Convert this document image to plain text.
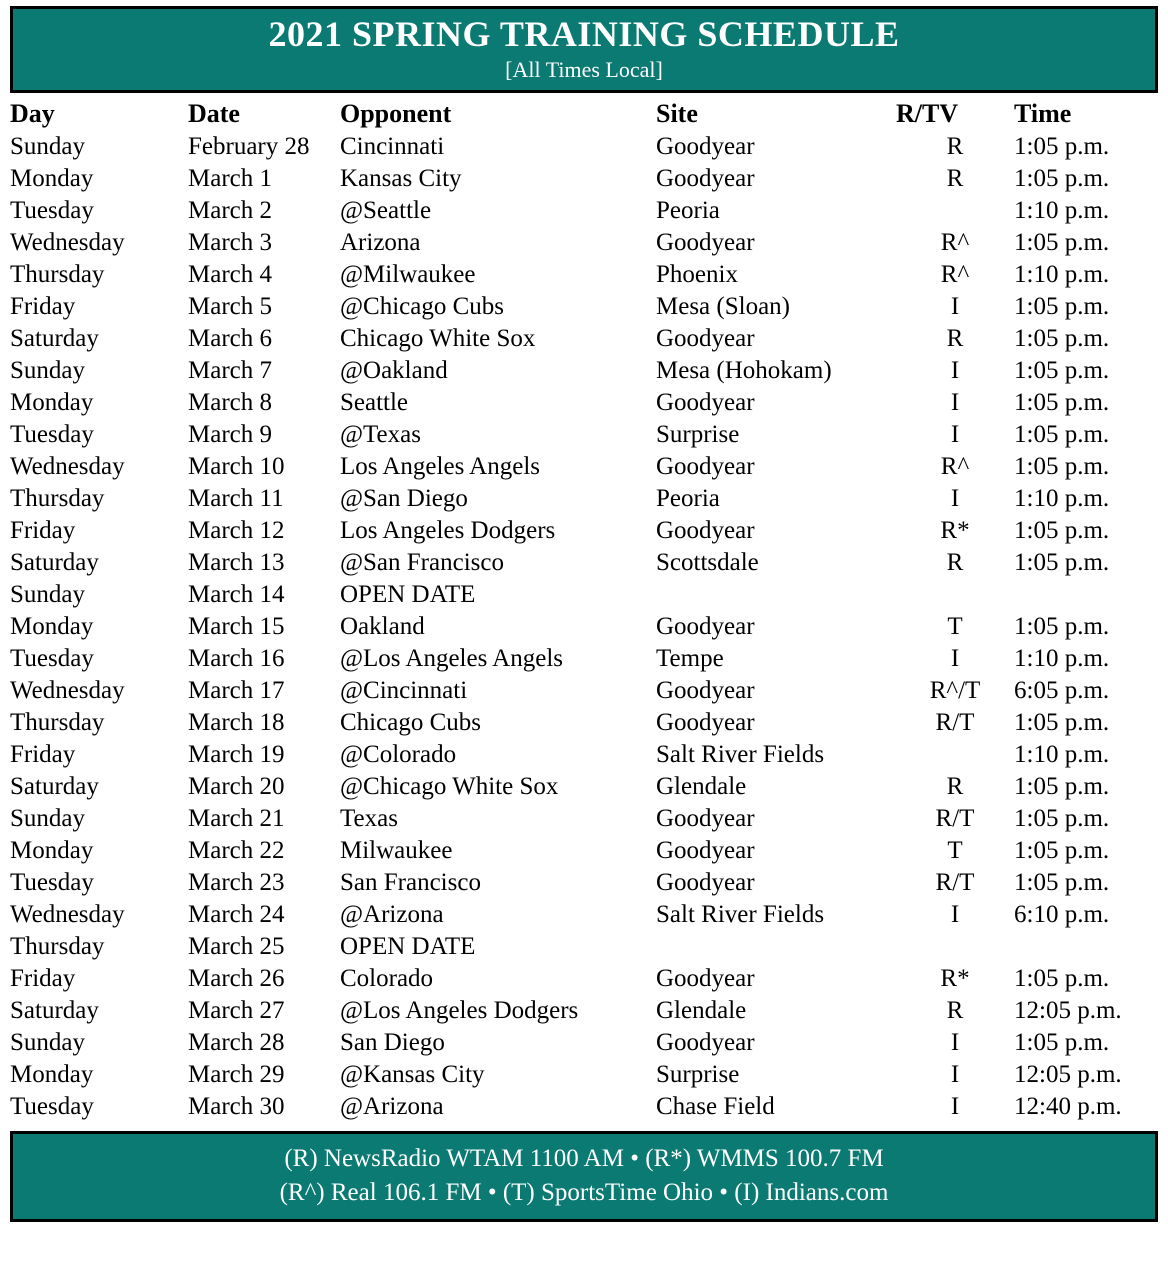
2021 SPRING TRAINING SCHEDULE
[All Times Local]
Day	Date	Opponent	Site	R/TV	Time
Sunday	February 28	Cincinnati	Goodyear	R	1:05 p.m.
Monday	March 1	Kansas City	Goodyear	R	1:05 p.m.
Tuesday	March 2	@Seattle	Peoria		1:10 p.m.
Wednesday	March 3	Arizona	Goodyear	R^	1:05 p.m.
Thursday	March 4	@Milwaukee	Phoenix	R^	1:10 p.m.
Friday	March 5	@Chicago Cubs	Mesa (Sloan)	I	1:05 p.m.
Saturday	March 6	Chicago White Sox	Goodyear	R	1:05 p.m.
Sunday	March 7	@Oakland	Mesa (Hohokam)	I	1:05 p.m.
Monday	March 8	Seattle	Goodyear	I	1:05 p.m.
Tuesday	March 9	@Texas	Surprise	I	1:05 p.m.
Wednesday	March 10	Los Angeles Angels	Goodyear	R^	1:05 p.m.
Thursday	March 11	@San Diego	Peoria	I	1:10 p.m.
Friday	March 12	Los Angeles Dodgers	Goodyear	R*	1:05 p.m.
Saturday	March 13	@San Francisco	Scottsdale	R	1:05 p.m.
Sunday	March 14	OPEN DATE			
Monday	March 15	Oakland	Goodyear	T	1:05 p.m.
Tuesday	March 16	@Los Angeles Angels	Tempe	I	1:10 p.m.
Wednesday	March 17	@Cincinnati	Goodyear	R^/T	6:05 p.m.
Thursday	March 18	Chicago Cubs	Goodyear	R/T	1:05 p.m.
Friday	March 19	@Colorado	Salt River Fields		1:10 p.m.
Saturday	March 20	@Chicago White Sox	Glendale	R	1:05 p.m.
Sunday	March 21	Texas	Goodyear	R/T	1:05 p.m.
Monday	March 22	Milwaukee	Goodyear	T	1:05 p.m.
Tuesday	March 23	San Francisco	Goodyear	R/T	1:05 p.m.
Wednesday	March 24	@Arizona	Salt River Fields	I	6:10 p.m.
Thursday	March 25	OPEN DATE			
Friday	March 26	Colorado	Goodyear	R*	1:05 p.m.
Saturday	March 27	@Los Angeles Dodgers	Glendale	R	12:05 p.m.
Sunday	March 28	San Diego	Goodyear	I	1:05 p.m.
Monday	March 29	@Kansas City	Surprise	I	12:05 p.m.
Tuesday	March 30	@Arizona	Chase Field	I	12:40 p.m.
(R) NewsRadio WTAM 1100 AM • (R*) WMMS 100.7 FM
(R^) Real 106.1 FM • (T) SportsTime Ohio • (I) Indians.com
